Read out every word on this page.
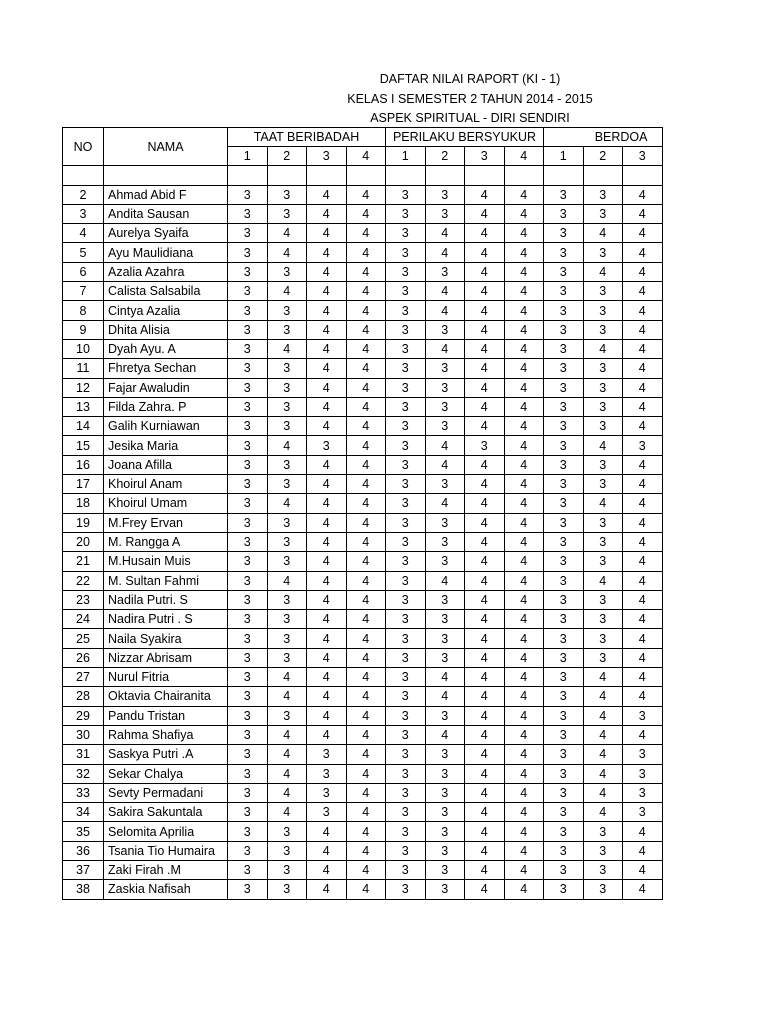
DAFTAR NILAI RAPORT (KI - 1)
KELAS I SEMESTER 2 TAHUN 2014 - 2015
ASPEK SPIRITUAL - DIRI SENDIRI
NO	NAMA	TAAT BERIBADAH				PERILAKU BERSYUKUR				BERDOA		
		1	2	3	4	1	2	3	4	1	2	3

2	Ahmad Abid F	3	3	4	4	3	3	4	4	3	3	4
3	Andita Sausan	3	3	4	4	3	3	4	4	3	3	4
4	Aurelya Syaifa	3	4	4	4	3	4	4	4	3	4	4
5	Ayu Maulidiana	3	4	4	4	3	4	4	4	3	3	4
6	Azalia Azahra	3	3	4	4	3	3	4	4	3	4	4
7	Calista Salsabila	3	4	4	4	3	4	4	4	3	3	4
8	Cintya Azalia	3	3	4	4	3	4	4	4	3	3	4
9	Dhita Alisia	3	3	4	4	3	3	4	4	3	3	4
10	Dyah Ayu. A	3	4	4	4	3	4	4	4	3	4	4
11	Fhretya Sechan	3	3	4	4	3	3	4	4	3	3	4
12	Fajar Awaludin	3	3	4	4	3	3	4	4	3	3	4
13	Filda Zahra. P	3	3	4	4	3	3	4	4	3	3	4
14	Galih Kurniawan	3	3	4	4	3	3	4	4	3	3	4
15	Jesika Maria	3	4	3	4	3	4	3	4	3	4	3
16	Joana Afilla	3	3	4	4	3	4	4	4	3	3	4
17	Khoirul Anam	3	3	4	4	3	3	4	4	3	3	4
18	Khoirul Umam	3	4	4	4	3	4	4	4	3	4	4
19	M.Frey Ervan	3	3	4	4	3	3	4	4	3	3	4
20	M. Rangga A	3	3	4	4	3	3	4	4	3	3	4
21	M.Husain Muis	3	3	4	4	3	3	4	4	3	3	4
22	M. Sultan Fahmi	3	4	4	4	3	4	4	4	3	4	4
23	Nadila Putri. S	3	3	4	4	3	3	4	4	3	3	4
24	Nadira Putri . S	3	3	4	4	3	3	4	4	3	3	4
25	Naila Syakira	3	3	4	4	3	3	4	4	3	3	4
26	Nizzar Abrisam	3	3	4	4	3	3	4	4	3	3	4
27	Nurul Fitria	3	4	4	4	3	4	4	4	3	4	4
28	Oktavia Chairanita	3	4	4	4	3	4	4	4	3	4	4
29	Pandu Tristan	3	3	4	4	3	3	4	4	3	4	3
30	Rahma Shafiya	3	4	4	4	3	4	4	4	3	4	4
31	Saskya Putri .A	3	4	3	4	3	3	4	4	3	4	3
32	Sekar Chalya	3	4	3	4	3	3	4	4	3	4	3
33	Sevty Permadani	3	4	3	4	3	3	4	4	3	4	3
34	Sakira Sakuntala	3	4	3	4	3	3	4	4	3	4	3
35	Selomita Aprilia	3	3	4	4	3	3	4	4	3	3	4
36	Tsania Tio Humaira	3	3	4	4	3	3	4	4	3	3	4
37	Zaki Firah .M	3	3	4	4	3	3	4	4	3	3	4
38	Zaskia Nafisah	3	3	4	4	3	3	4	4	3	3	4
